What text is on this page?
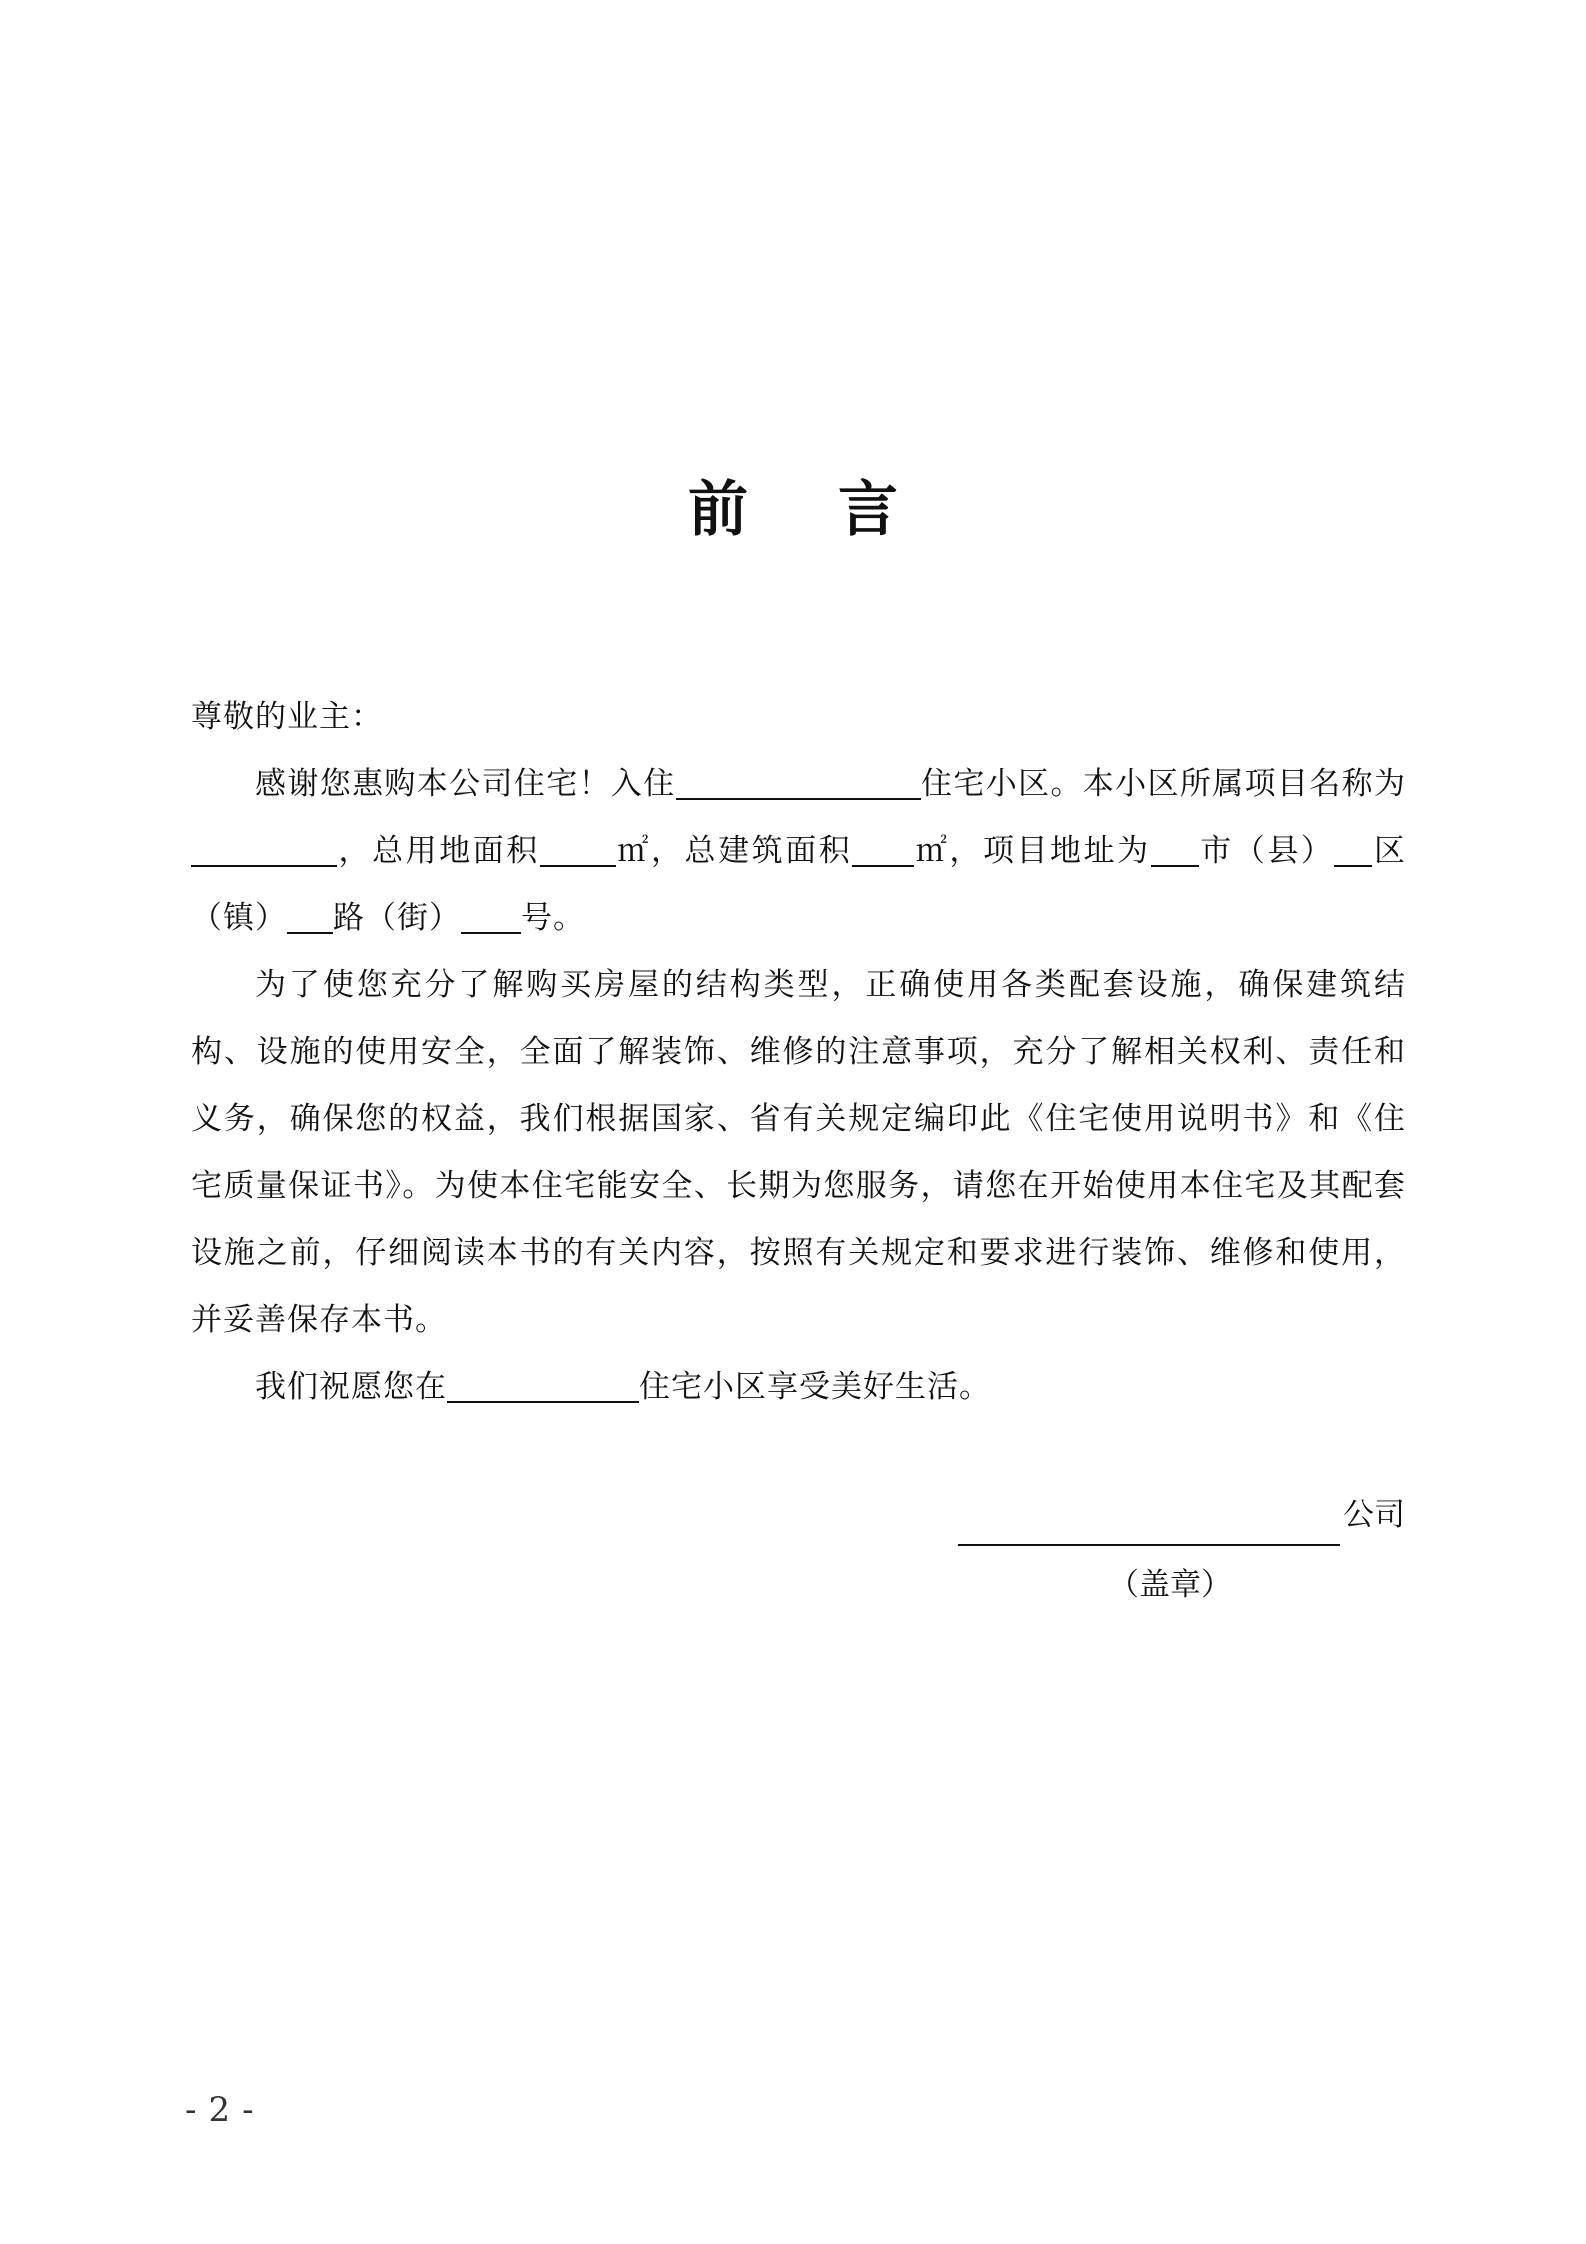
前言
尊敬的业主：

感谢您惠购本公司住宅！入住	住宅小区。本小区所属项目名称为，总用地面积 ㎡，总建筑面积 ㎡，项目地址为 市（县） 区（镇） 路（街） 号。

为了使您充分了解购买房屋的结构类型，正确使用各类配套设施，确保建筑结构、设施的使用安全，全面了解装饰、维修的注意事项，充分了解相关权利、责任和义务，确保您的权益，我们根据国家、省有关规定编印此《住宅使用说明书》和《住宅质量保证书》。为使本住宅能安全、长期为您服务，请您在开始使用本住宅及其配套设施之前，仔细阅读本书的有关内容，按照有关规定和要求进行装饰、维修和使用，并妥善保存本书。

我们祝愿您在	住宅小区享受美好生活。

公司
（盖章）
-2-
